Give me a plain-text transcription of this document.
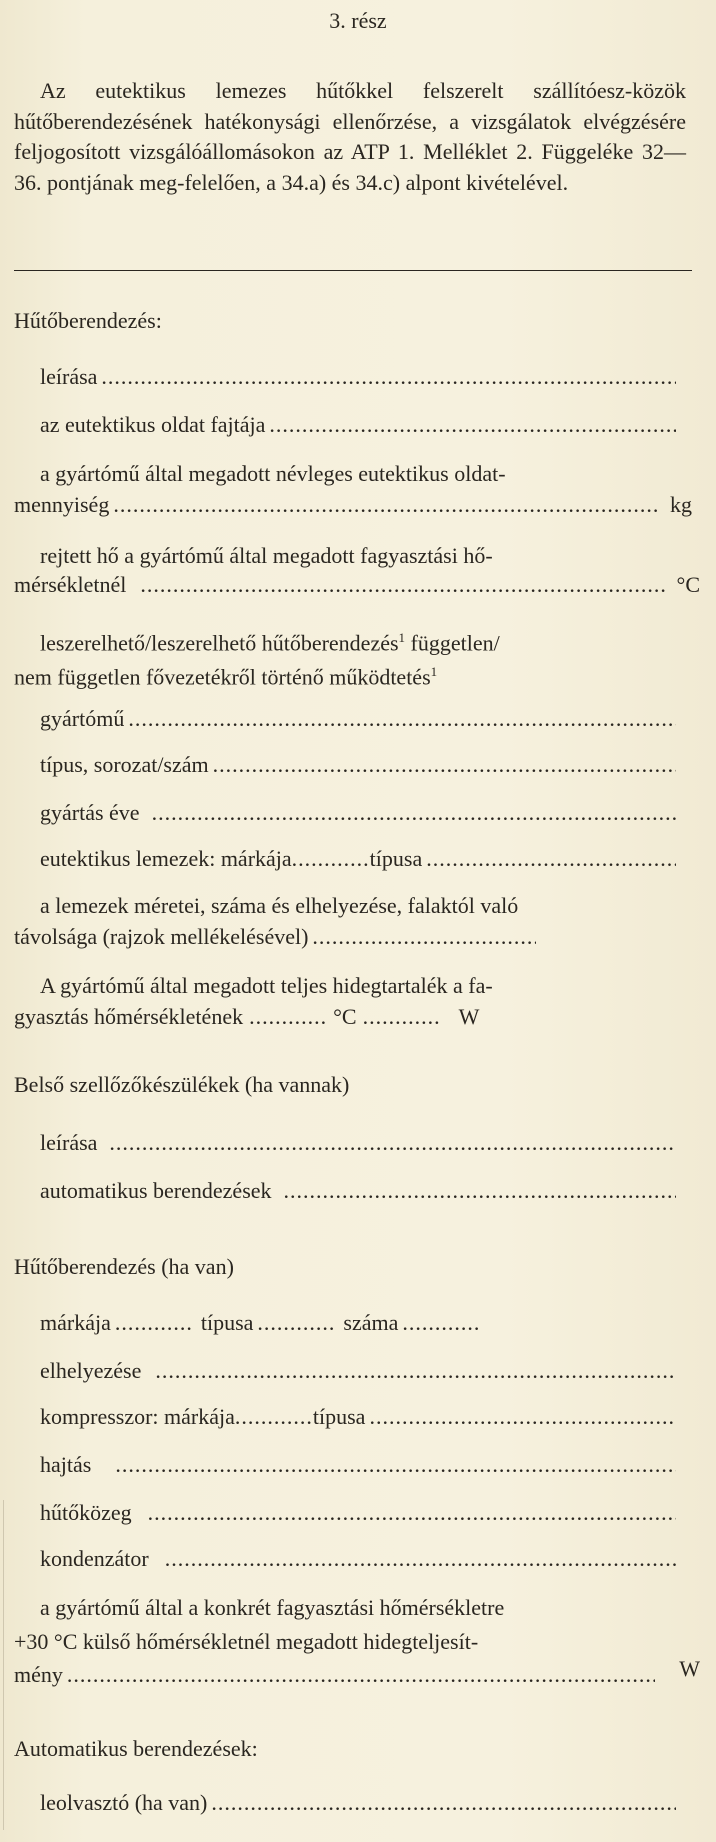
3. rész
Az eutektikus lemezes hűtőkkel felszerelt szállítóesz-közök hűtőberendezésének hatékonysági ellenőrzése, a vizsgálatok elvégzésére feljogosított vizsgálóállomásokon az ATP 1. Melléklet 2. Függeléke 32—36. pontjának meg-felelően, a 34.a) és 34.c) alpont kivételével.
Hűtőberendezés:
leírása
.....
az eutektikus oldat fajtája
.....
a gyártómű által megadott névleges eutektikus oldat-
mennyiség .....	kg
rejtett hő a gyártómű által megadott fagyasztási hő-
mérsékletnél .....	°C
leszerelhető/leszerelhető hűtőberendezés$^1$ független/
nem független fővezetékről történő működtetés$^1$
gyártómű
.....
típus, sorozat/szám
.....
gyártás éve
.....
eutektikus lemezek: márkája .....	típusa
.....
a lemezek méretei, száma és elhelyezése, falaktól való
távolsága (rajzok mellékelésével)
.....
A gyártómű által megadott teljes hidegtartalék a fa-
gyasztás hőmérsékletének .....	°C .....	W
Belső szellőzőkészülékek (ha vannak)
leírása
.....
automatikus berendezések
.....
Hűtőberendezés (ha van)
márkája .....	típusa .....	száma
.....
elhelyezése
.....
kompresszor: márkája .....	típusa
.....
hajtás
.....
hűtőközeg
.....
kondenzátor
.....
a gyártómű által a konkrét fagyasztási hőmérsékletre
+30 °C külső hőmérsékletnél megadott hidegteljesít-
mény .....	W
Automatikus berendezések:
leolvasztó (ha van)
.....
